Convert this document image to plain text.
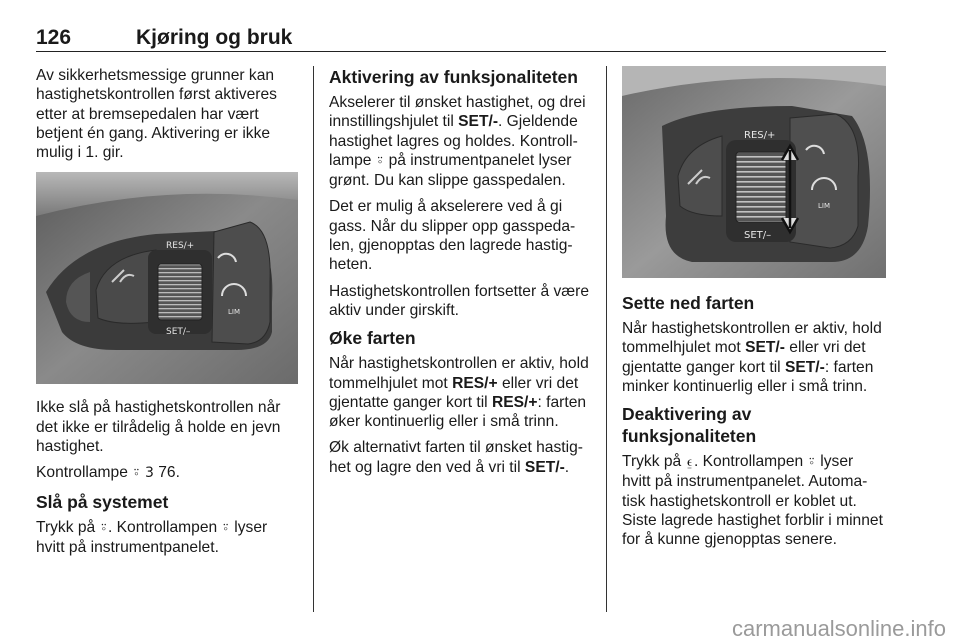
126	Kjøring og bruk

Av sikkerhetsmessige grunner kan hastighetskontrollen først aktiveres etter at bremsepedalen har vært betjent én gang. Aktivering er ikke mulig i 1. gir.

RES/+
SET/–
LIM

Ikke slå på hastighetskontrollen når det ikke er tilrådelig å holde en jevn hastighet.

Kontrollampe ⍤ 3 76.

Slå på systemet

Trykk på ⍤. Kontrollampen ⍤ lyser hvitt på instrumentpanelet.

Aktivering av funksjonaliteten

Akselerer til ønsket hastighet, og drei innstillingshjulet til SET/-. Gjeldende hastighet lagres og holdes. Kontroll-lampe ⍤ på instrumentpanelet lyser grønt. Du kan slippe gasspedalen.

Det er mulig å akselerere ved å gi gass. Når du slipper opp gasspeda-len, gjenopptas den lagrede hastig-heten.

Hastighetskontrollen fortsetter å være aktiv under girskift.

Øke farten

Når hastighetskontrollen er aktiv, hold tommelhjulet mot RES/+ eller vri det gjentatte ganger kort til RES/+: farten øker kontinuerlig eller i små trinn.

Øk alternativt farten til ønsket hastig-het og lagre den ved å vri til SET/-.

RES/+
SET/–
LIM
Sette ned farten

Når hastighetskontrollen er aktiv, hold tommelhjulet mot SET/- eller vri det gjentatte ganger kort til SET/-: farten minker kontinuerlig eller i små trinn.

Deaktivering av funksjonaliteten

Trykk på ⍷. Kontrollampen ⍤ lyser hvitt på instrumentpanelet. Automa-tisk hastighetskontroll er koblet ut. Siste lagrede hastighet forblir i minnet for å kunne gjenopptas senere.

carmanualsonline.info
